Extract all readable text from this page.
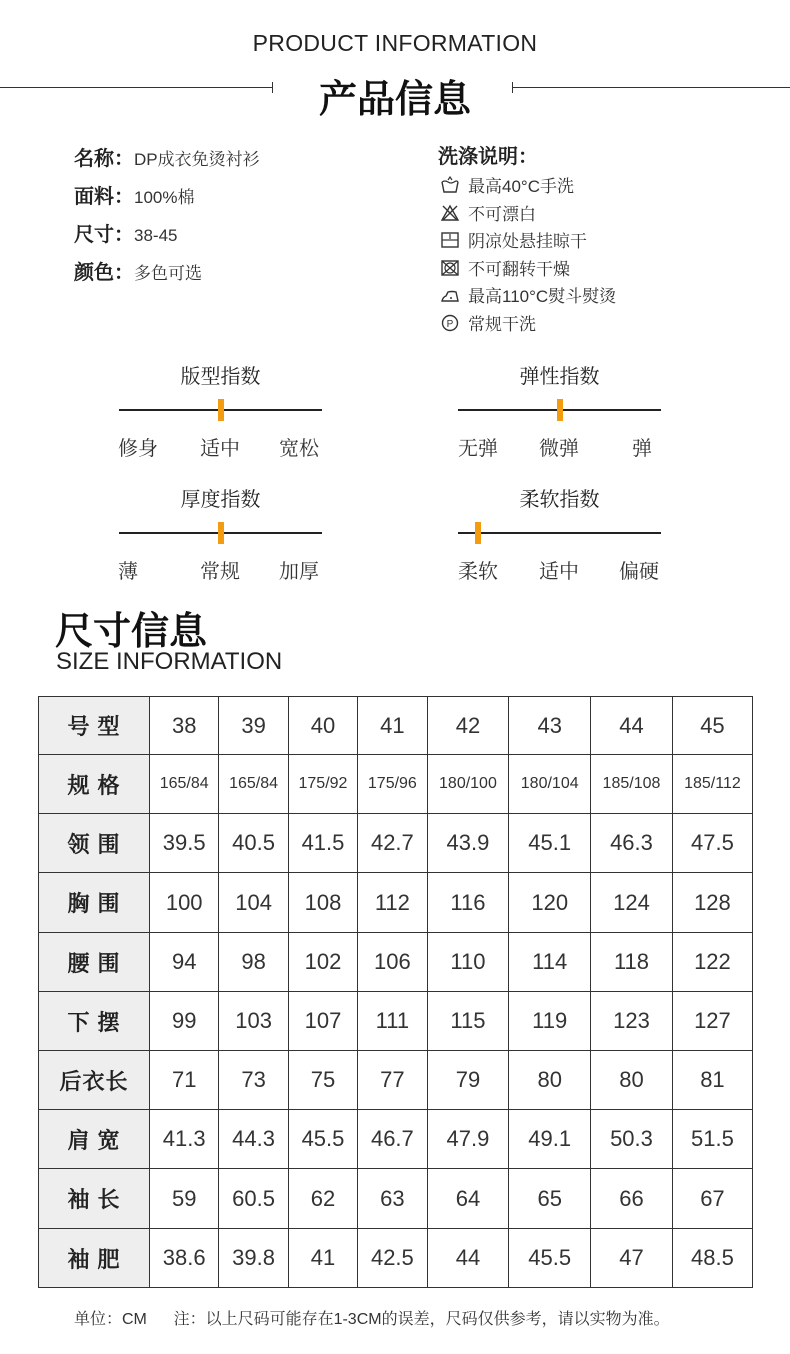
PRODUCT INFORMATION
产品信息
名称：DP成衣免烫衬衫
面料：100%棉
尺寸：38-45
颜色：多色可选
洗涤说明：
最高40°C手洗
不可漂白
阴凉处悬挂晾干
不可翻转干燥
最高110°C熨斗熨烫
P 常规干洗
版型指数
修身 适中 宽松
弹性指数
无弹 微弹	弹
厚度指数
薄	常规 加厚
柔软指数
柔软 适中 偏硬
尺寸信息
SIZE INFORMATION
号 型	38	39	40	41	42	43	44	45
规 格	165/84	165/84	175/92	175/96	180/100	180/104	185/108	185/112
领 围	39.5	40.5	41.5	42.7	43.9	45.1	46.3	47.5
胸 围	100	104	108	112	116	120	124	128
腰 围	94	98	102	106	110	114	118	122
下 摆	99	103	107	111	115	119	123	127
后衣长	71	73	75	77	79	80	80	81
肩 宽	41.3	44.3	45.5	46.7	47.9	49.1	50.3	51.5
袖 长	59	60.5	62	63	64	65	66	67
袖 肥	38.6	39.8	41	42.5	44	45.5	47	48.5
单位：CM 注：以上尺码可能存在1-3CM的误差，尺码仅供参考，请以实物为准。
